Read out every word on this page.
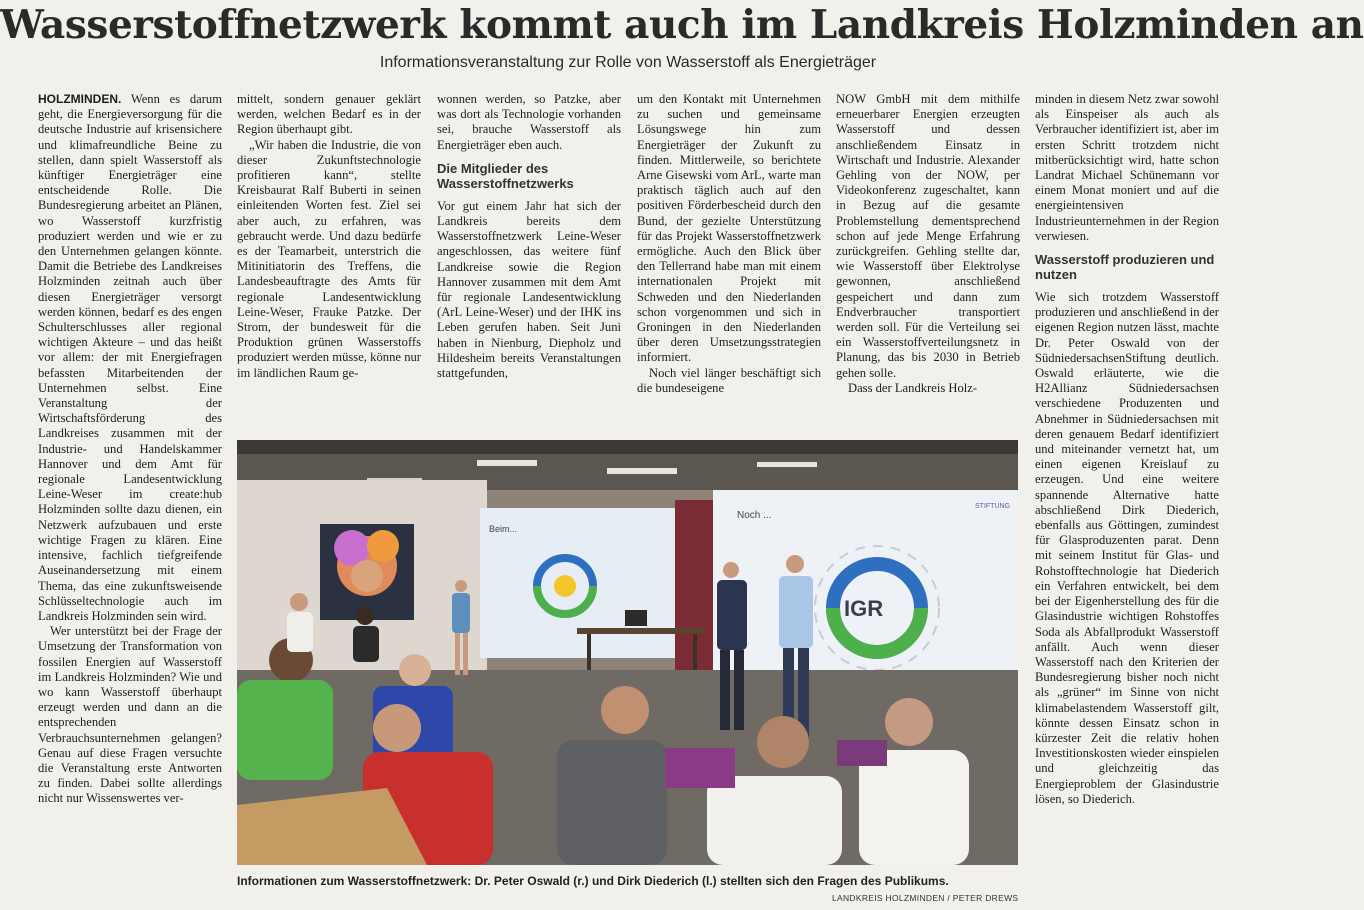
Wasserstoffnetzwerk kommt auch im Landkreis Holzminden an
Informationsveranstaltung zur Rolle von Wasserstoff als Energieträger

HOLZMINDEN. Wenn es darum geht, die Energieversorgung für die deutsche Industrie auf krisensichere und klimafreundliche Beine zu stellen, dann spielt Wasserstoff als künftiger Energieträger eine entscheidende Rolle. Die Bundesregierung arbeitet an Plänen, wo Wasserstoff kurzfristig produziert werden und wie er zu den Unternehmen gelangen könnte. Damit die Betriebe des Landkreises Holzminden zeitnah auch über diesen Energieträger versorgt werden können, bedarf es des engen Schulterschlusses aller regional wichtigen Akteure – und das heißt vor allem: der mit Energiefragen befassten Mitarbeitenden der Unternehmen selbst. Eine Veranstaltung der Wirtschaftsförderung des Landkreises zusammen mit der Industrie- und Handelskammer Hannover und dem Amt für regionale Landesentwicklung Leine-Weser im create:hub Holzminden sollte dazu dienen, ein Netzwerk aufzubauen und erste wichtige Fragen zu klären. Eine intensive, fachlich tiefgreifende Auseinandersetzung mit einem Thema, das eine zukunftsweisende Schlüsseltechnologie auch im Landkreis Holzminden sein wird.

Wer unterstützt bei der Frage der Umsetzung der Transformation von fossilen Energien auf Wasserstoff im Landkreis Holzminden? Wie und wo kann Wasserstoff überhaupt erzeugt werden und dann an die entsprechenden Verbrauchsunternehmen gelangen? Genau auf diese Fragen versuchte die Veranstaltung erste Antworten zu finden. Dabei sollte allerdings nicht nur Wissenswertes ver-

mittelt, sondern genauer geklärt werden, welchen Bedarf es in der Region überhaupt gibt.

„Wir haben die Industrie, die von dieser Zukunftstechnologie profitieren kann“, stellte Kreisbaurat Ralf Buberti in seinen einleitenden Worten fest. Ziel sei aber auch, zu erfahren, was gebraucht werde. Und dazu bedürfe es der Teamarbeit, unterstrich die Mitinitiatorin des Treffens, die Landesbeauftragte des Amts für regionale Landesentwicklung Leine-Weser, Frauke Patzke. Der Strom, der bundesweit für die Produktion grünen Wasserstoffs produziert werden müsse, könne nur im ländlichen Raum ge-

wonnen werden, so Patzke, aber was dort als Technologie vorhanden sei, brauche Wasserstoff als Energieträger eben auch.

Die Mitglieder des Wasserstoffnetzwerks

Vor gut einem Jahr hat sich der Landkreis bereits dem Wasserstoffnetzwerk Leine-Weser angeschlossen, das weitere fünf Landkreise sowie die Region Hannover zusammen mit dem Amt für regionale Landesentwicklung (ArL Leine-Weser) und der IHK ins Leben gerufen haben. Seit Juni haben in Nienburg, Diepholz und Hildesheim bereits Veranstaltungen stattgefunden,

um den Kontakt mit Unternehmen zu suchen und gemeinsame Lösungswege hin zum Energieträger der Zukunft zu finden. Mittlerweile, so berichtete Arne Gisewski vom ArL, warte man praktisch täglich auch auf den positiven Förderbescheid durch den Bund, der gezielte Unterstützung für das Projekt Wasserstoffnetzwerk ermögliche. Auch den Blick über den Tellerrand habe man mit einem internationalen Projekt mit Schweden und den Niederlanden schon vorgenommen und sich in Groningen in den Niederlanden über deren Umsetzungsstrategien informiert.

Noch viel länger beschäftigt sich die bundeseigene

NOW GmbH mit dem mithilfe erneuerbarer Energien erzeugten Wasserstoff und dessen anschließendem Einsatz in Wirtschaft und Industrie. Alexander Gehling von der NOW, per Videokonferenz zugeschaltet, kann in Bezug auf die gesamte Problemstellung dementsprechend schon auf jede Menge Erfahrung zurückgreifen. Gehling stellte dar, wie Wasserstoff über Elektrolyse gewonnen, anschließend gespeichert und dann zum Endverbraucher transportiert werden soll. Für die Verteilung sei ein Wasserstoffverteilungsnetz in Planung, das bis 2030 in Betrieb gehen solle.

Dass der Landkreis Holz-

minden in diesem Netz zwar sowohl als Einspeiser als auch als Verbraucher identifiziert ist, aber im ersten Schritt trotzdem nicht mitberücksichtigt wird, hatte schon Landrat Michael Schünemann vor einem Monat moniert und auf die energieintensiven Industrieunternehmen in der Region verwiesen.

Wasserstoff produzieren und nutzen

Wie sich trotzdem Wasserstoff produzieren und anschließend in der eigenen Region nutzen lässt, machte Dr. Peter Oswald von der SüdniedersachsenStiftung deutlich. Oswald erläuterte, wie die H2Allianz Südniedersachsen verschiedene Produzenten und Abnehmer in Südniedersachsen mit deren genauem Bedarf identifiziert und miteinander vernetzt hat, um einen eigenen Kreislauf zu erzeugen. Und eine weitere spannende Alternative hatte abschließend Dirk Diederich, ebenfalls aus Göttingen, zumindest für Glasproduzenten parat. Denn mit seinem Institut für Glas- und Rohstofftechnologie hat Diederich ein Verfahren entwickelt, bei dem bei der Eigenherstellung des für die Glasindustrie wichtigen Rohstoffes Soda als Abfallprodukt Wasserstoff anfällt. Auch wenn dieser Wasserstoff nach den Kriterien der Bundesregierung bisher noch nicht als „grüner“ im Sinne von nicht klimabelastendem Wasserstoff gilt, könnte dessen Einsatz schon in kürzester Zeit die relativ hohen Investitionskosten wieder einspielen und gleichzeitig das Energieproblem der Glasindustrie lösen, so Diederich.

Beim...
Noch ...
STIFTUNG
IGR
Informationen zum Wasserstoffnetzwerk: Dr. Peter Oswald (r.) und Dirk Diederich (l.) stellten sich den Fragen des Publikums.
LANDKREIS HOLZMINDEN / PETER DREWS
